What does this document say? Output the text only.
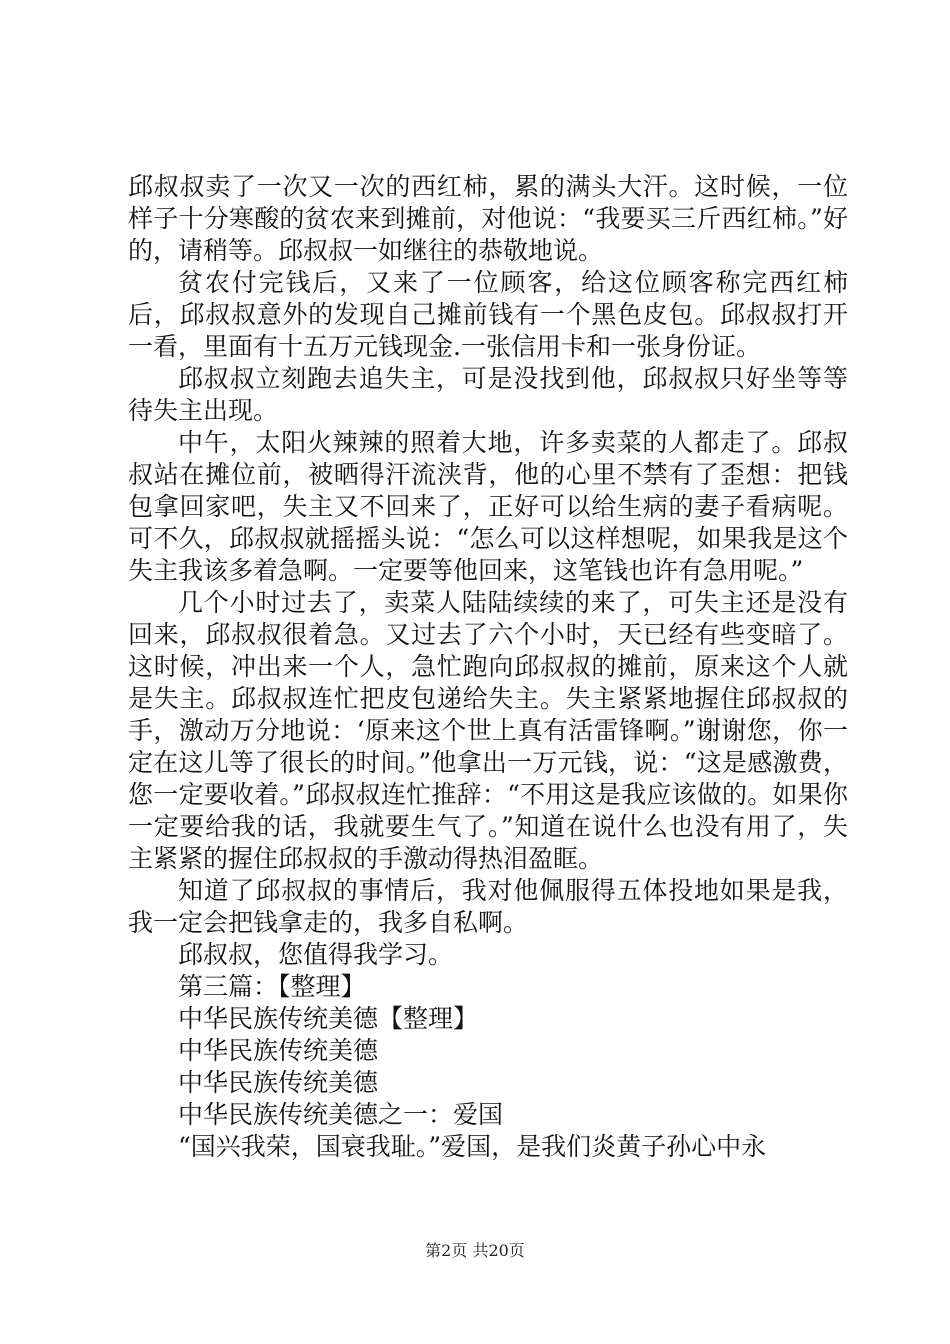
邱叔叔卖了一次又一次的西红柿，累的满头大汗。这时候，一位样子十分寒酸的贫农来到摊前，对他说：“我要买三斤西红柿。”好的，请稍等。邱叔叔一如继往的恭敬地说。

贫农付完钱后，又来了一位顾客，给这位顾客称完西红柿后，邱叔叔意外的发现自己摊前钱有一个黑色皮包。邱叔叔打开一看，里面有十五万元钱现金.一张信用卡和一张身份证。

邱叔叔立刻跑去追失主，可是没找到他，邱叔叔只好坐等等待失主出现。

中午，太阳火辣辣的照着大地，许多卖菜的人都走了。邱叔叔站在摊位前，被晒得汗流浃背，他的心里不禁有了歪想：把钱包拿回家吧，失主又不回来了，正好可以给生病的妻子看病呢。可不久，邱叔叔就摇摇头说：“怎么可以这样想呢，如果我是这个失主我该多着急啊。一定要等他回来，这笔钱也许有急用呢。”

几个小时过去了，卖菜人陆陆续续的来了，可失主还是没有回来，邱叔叔很着急。又过去了六个小时，天已经有些变暗了。这时候，冲出来一个人，急忙跑向邱叔叔的摊前，原来这个人就是失主。邱叔叔连忙把皮包递给失主。失主紧紧地握住邱叔叔的手，激动万分地说：‘原来这个世上真有活雷锋啊。”谢谢您，你一定在这儿等了很长的时间。”他拿出一万元钱，说：“这是感激费，您一定要收着。”邱叔叔连忙推辞：“不用这是我应该做的。如果你一定要给我的话，我就要生气了。”知道在说什么也没有用了，失主紧紧的握住邱叔叔的手激动得热泪盈眶。

知道了邱叔叔的事情后，我对他佩服得五体投地如果是我，我一定会把钱拿走的，我多自私啊。

邱叔叔，您值得我学习。

第三篇：【整理】

中华民族传统美德【整理】

中华民族传统美德

中华民族传统美德

中华民族传统美德之一：爱国

“国兴我荣，国衰我耻。”爱国，是我们炎黄子孙心中永

第2页 共20页
